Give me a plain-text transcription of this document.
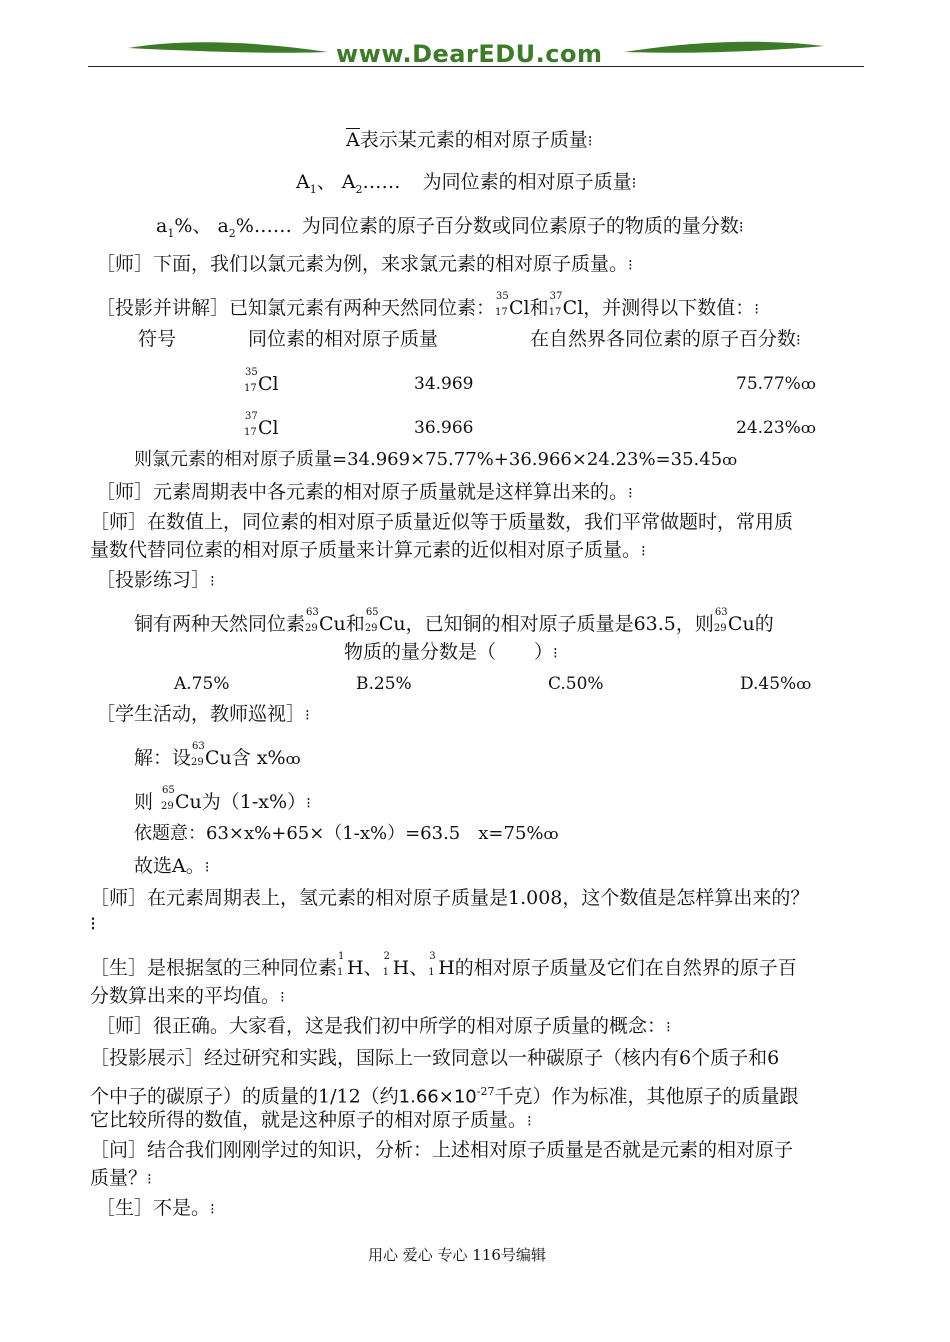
www.DearEDU.com
A表示某元素的相对原子质量⁝
$A_1$、 $A_2\dots\dots$ 为同位素的相对原子质量⁝
$a_1\%$、 $a_2\%\dots\dots$ 为同位素的原子百分数或同位素原子的物质的量分数⁝
［师］下面，我们以氯元素为例，来求氯元素的相对原子质量。⁝
［投影并讲解］已知氯元素有两种天然同位素：
35
17 Cl和
37
17 Cl，并测得以下数值：⁝
符号	同位素的相对原子质量	在自然界各同位素的原子百分数⁝
35
17 Cl	34.969	75.77%ꝏ
37
17 Cl	36.966	24.23%ꝏ
则氯元素的相对原子质量=34.969×75.77%+36.966×24.23%=35.45ꝏ
［师］元素周期表中各元素的相对原子质量就是这样算出来的。⁝
［师］在数值上，同位素的相对原子质量近似等于质量数，我们平常做题时，常用质
量数代替同位素的相对原子质量来计算元素的近似相对原子质量。⁝
［投影练习］⁝
铜有两种天然同位素
63
29 Cu和
65
29 Cu，已知铜的相对原子质量是63.5，则
63
29 Cu的
物质的量分数是（　　）⁝
A.75%	B.25%	C.50%	D.45%ꝏ
［学生活动，教师巡视］⁝
解：设
63
29 Cu含 x%ꝏ
则
65
29 Cu为（1-x%）⁝
依题意：63×x%+65×（1-x%）=63.5　x=75%ꝏ
故选A。⁝
［师］在元素周期表上，氢元素的相对原子质量是1.008，这个数值是怎样算出来的？
⁝
［生］是根据氢的三种同位素
1
1 H、
2
1 H、
3
1 H的相对原子质量及它们在自然界的原子百
分数算出来的平均值。⁝
［师］很正确。大家看，这是我们初中所学的相对原子质量的概念：⁝
［投影展示］经过研究和实践，国际上一致同意以一种碳原子（核内有6个质子和6
个中子的碳原子）的质量的1/12（约$1.66\times 10^{-27}$千克）作为标准，其他原子的质量跟
它比较所得的数值，就是这种原子的相对原子质量。⁝
［问］结合我们刚刚学过的知识，分析：上述相对原子质量是否就是元素的相对原子
质量？⁝
［生］不是。⁝
用心 爱心 专心 116号编辑
